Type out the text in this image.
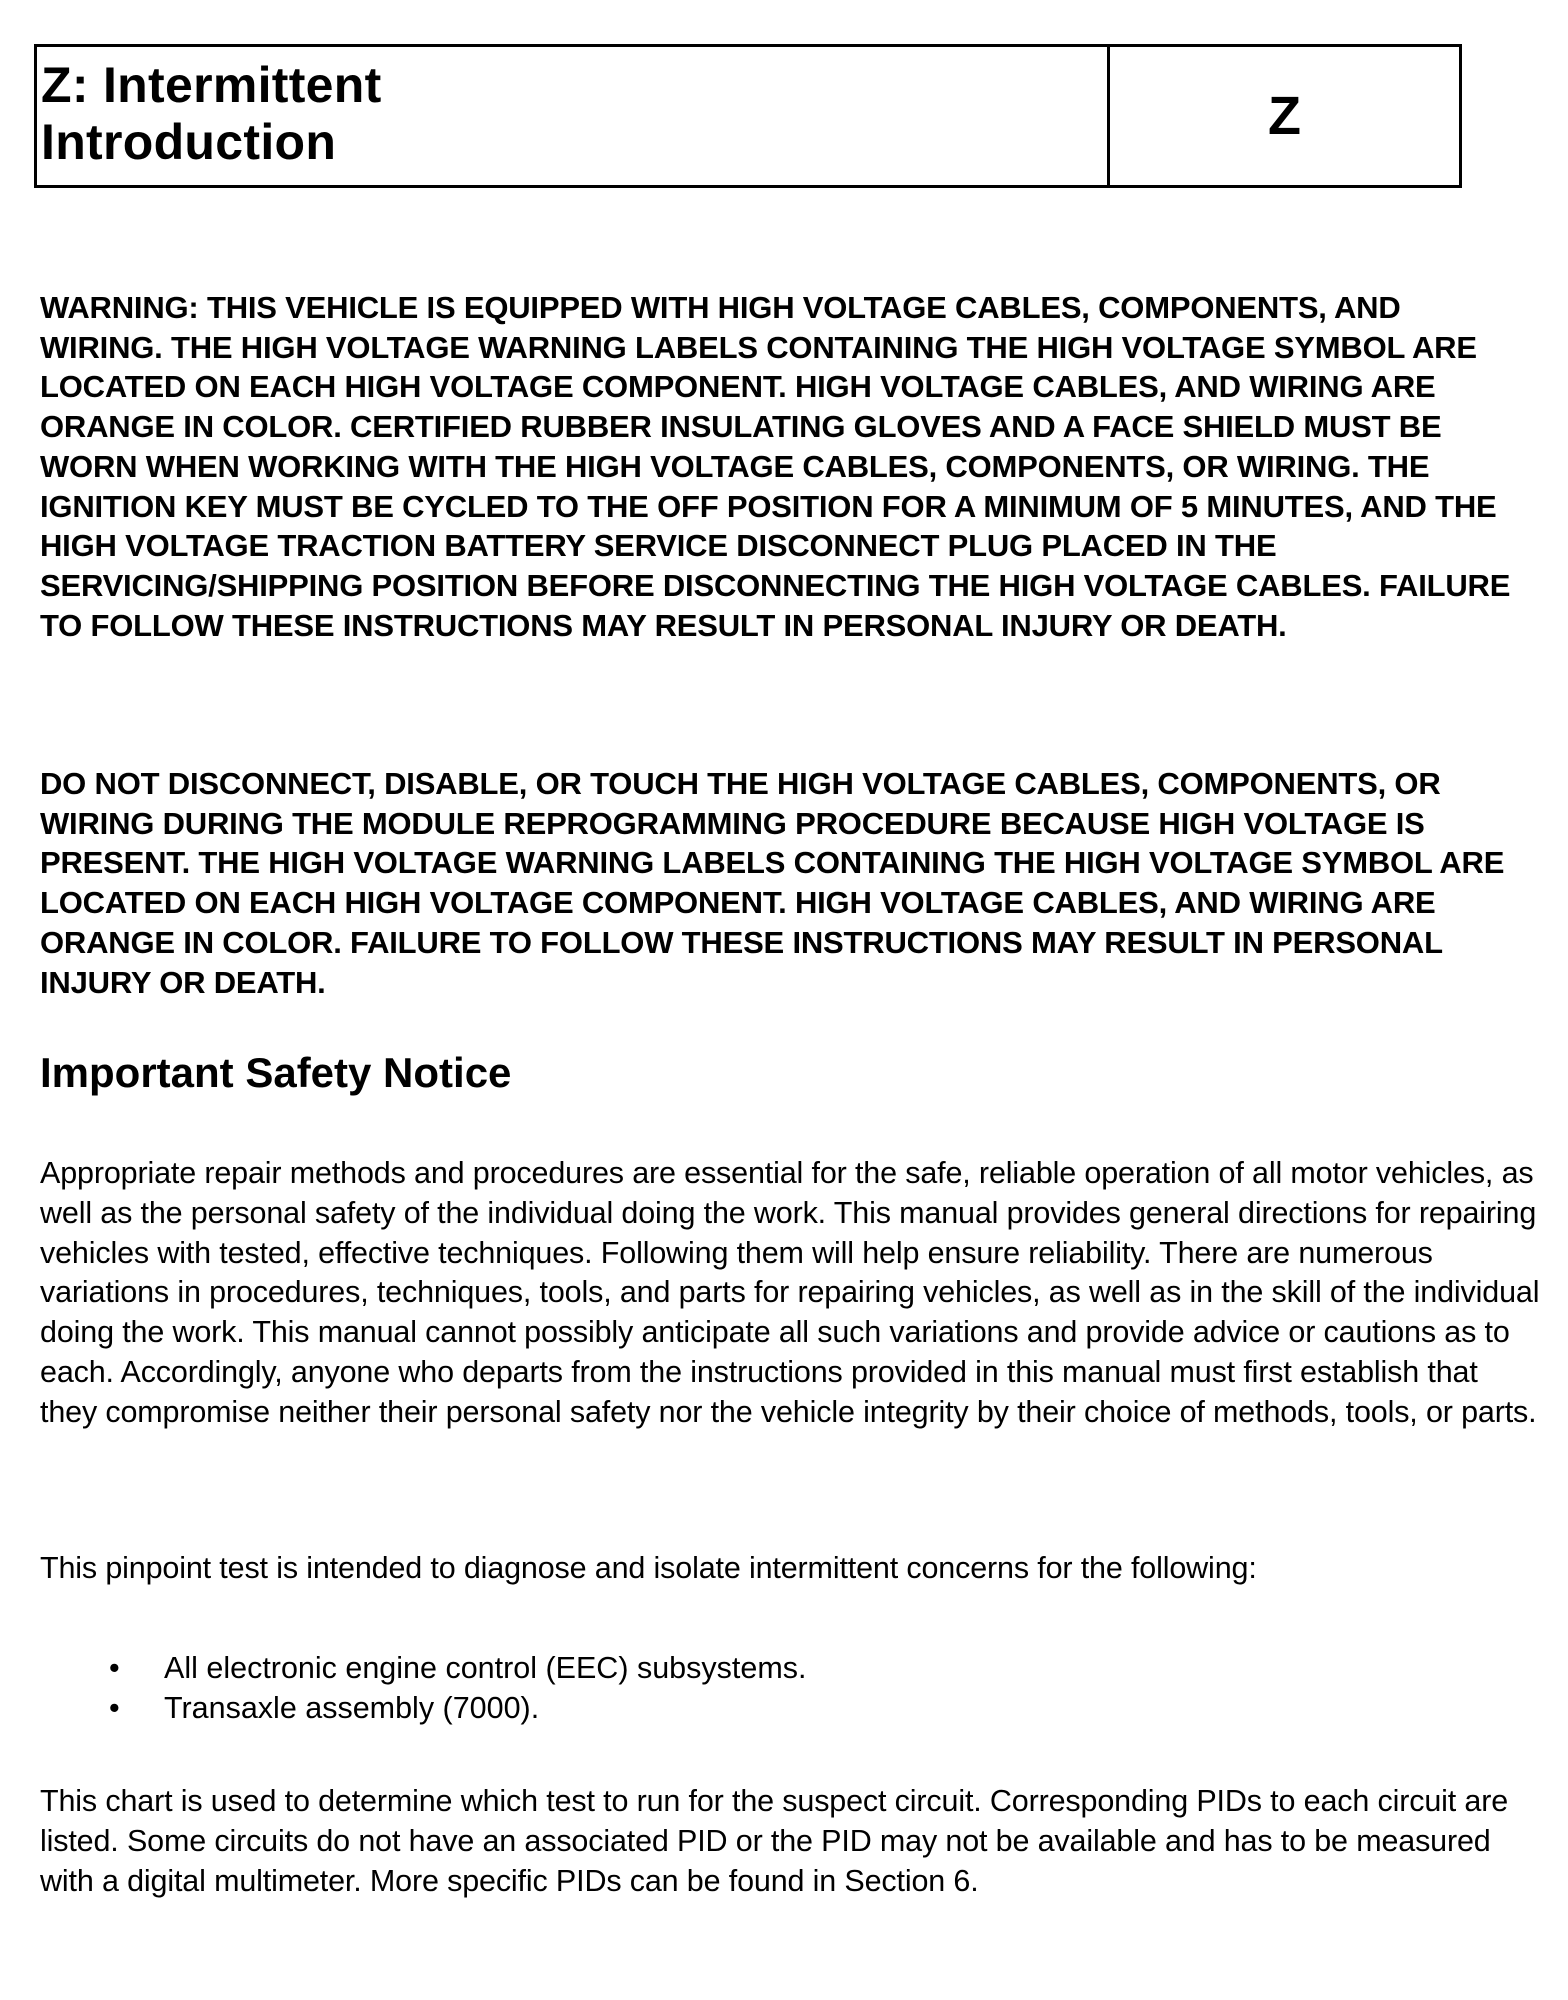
Z: Intermittent
Introduction	Z

WARNING: THIS VEHICLE IS EQUIPPED WITH HIGH VOLTAGE CABLES, COMPONENTS, AND WIRING. THE HIGH VOLTAGE WARNING LABELS CONTAINING THE HIGH VOLTAGE SYMBOL ARE LOCATED ON EACH HIGH VOLTAGE COMPONENT. HIGH VOLTAGE CABLES, AND WIRING ARE ORANGE IN COLOR. CERTIFIED RUBBER INSULATING GLOVES AND A FACE SHIELD MUST BE WORN WHEN WORKING WITH THE HIGH VOLTAGE CABLES, COMPONENTS, OR WIRING. THE IGNITION KEY MUST BE CYCLED TO THE OFF POSITION FOR A MINIMUM OF 5 MINUTES, AND THE HIGH VOLTAGE TRACTION BATTERY SERVICE DISCONNECT PLUG PLACED IN THE SERVICING/SHIPPING POSITION BEFORE DISCONNECTING THE HIGH VOLTAGE CABLES. FAILURE TO FOLLOW THESE INSTRUCTIONS MAY RESULT IN PERSONAL INJURY OR DEATH.

DO NOT DISCONNECT, DISABLE, OR TOUCH THE HIGH VOLTAGE CABLES, COMPONENTS, OR WIRING DURING THE MODULE REPROGRAMMING PROCEDURE BECAUSE HIGH VOLTAGE IS PRESENT. THE HIGH VOLTAGE WARNING LABELS CONTAINING THE HIGH VOLTAGE SYMBOL ARE LOCATED ON EACH HIGH VOLTAGE COMPONENT. HIGH VOLTAGE CABLES, AND WIRING ARE ORANGE IN COLOR. FAILURE TO FOLLOW THESE INSTRUCTIONS MAY RESULT IN PERSONAL INJURY OR DEATH.

Important Safety Notice

Appropriate repair methods and procedures are essential for the safe, reliable operation of all motor vehicles, as well as the personal safety of the individual doing the work. This manual provides general directions for repairing vehicles with tested, effective techniques. Following them will help ensure reliability. There are numerous variations in procedures, techniques, tools, and parts for repairing vehicles, as well as in the skill of the individual doing the work. This manual cannot possibly anticipate all such variations and provide advice or cautions as to each. Accordingly, anyone who departs from the instructions provided in this manual must first establish that they compromise neither their personal safety nor the vehicle integrity by their choice of methods, tools, or parts.

This pinpoint test is intended to diagnose and isolate intermittent concerns for the following:

• All electronic engine control (EEC) subsystems.
• Transaxle assembly (7000).

This chart is used to determine which test to run for the suspect circuit. Corresponding PIDs to each circuit are listed. Some circuits do not have an associated PID or the PID may not be available and has to be measured with a digital multimeter. More specific PIDs can be found in Section 6.
